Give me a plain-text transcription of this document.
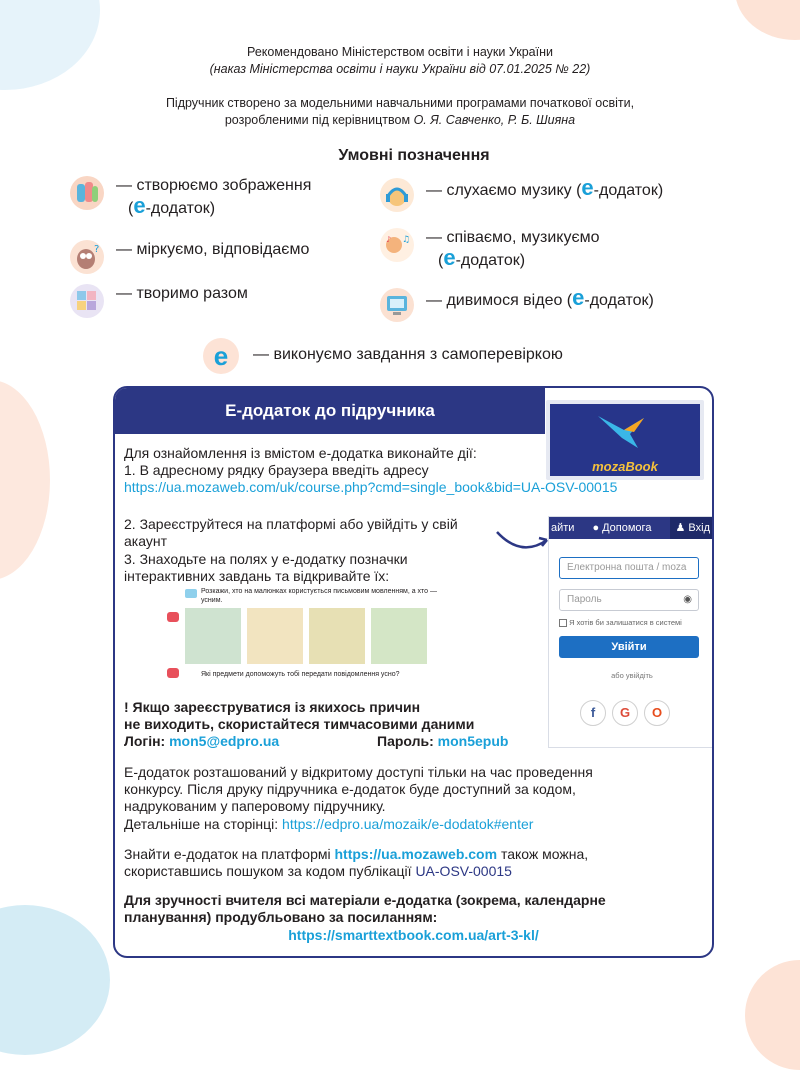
Рекомендовано Міністерством освіти і науки України
(наказ Міністерства освіти і науки України від 07.01.2025 № 22)
Підручник створено за модельними навчальними програмами початкової освіти,
розробленими під керівництвом О. Я. Савченко, Р. Б. Шияна
Умовні позначення
— створюємо зображення
(e-додаток)
? — міркуємо, відповідаємо
— творимо разом
— слухаємо музику (e-додаток)
♪ ♫ — співаємо, музикуємо
(e-додаток)
— дивимося відео (e-додаток)
e — виконуємо завдання з самоперевіркою
Е-додаток до підручника
mozaBook
Для ознайомлення із вмістом е-додатка виконайте дії:
1. В адресному рядку браузера введіть адресу
https://ua.mozaweb.com/uk/course.php?cmd=single_book&bid=UA-OSV-00015
2. Зареєструйтеся на платформі або увійдіть у свій
акаунт
3. Знаходьте на полях у е-додатку позначки
інтерактивних завдань та відкривайте їх:
Розкажи, хто на малюнках користується письмовим мовленням, а хто — усним.
Які предмети допоможуть тобі передати повідомлення усно?
айти ● Допомога	♟ Вхід
Електронна пошта / moza
Пароль	◉
Я хотів би залишатися в системі
Увійти
або увійдіть
f	G	O
! Якщо зареєструватися із якихось причин
не виходить, скористайтеся тимчасовими даними
Логін: mon5@edpro.ua	Пароль: mon5epub
Е-додаток розташований у відкритому доступі тільки на час проведення
конкурсу. Після друку підручника е-додаток буде доступний за кодом,
надрукованим у паперовому підручнику.
Детальніше на сторінці: https://edpro.ua/mozaik/e-dodatok#enter
Знайти е-додаток на платформі https://ua.mozaweb.com також можна,
скориставшись пошуком за кодом публікації UA-OSV-00015
Для зручності вчителя всі матеріали е-додатка (зокрема, календарне
планування) продубльовано за посиланням:
https://smarttextbook.com.ua/art-3-kl/
